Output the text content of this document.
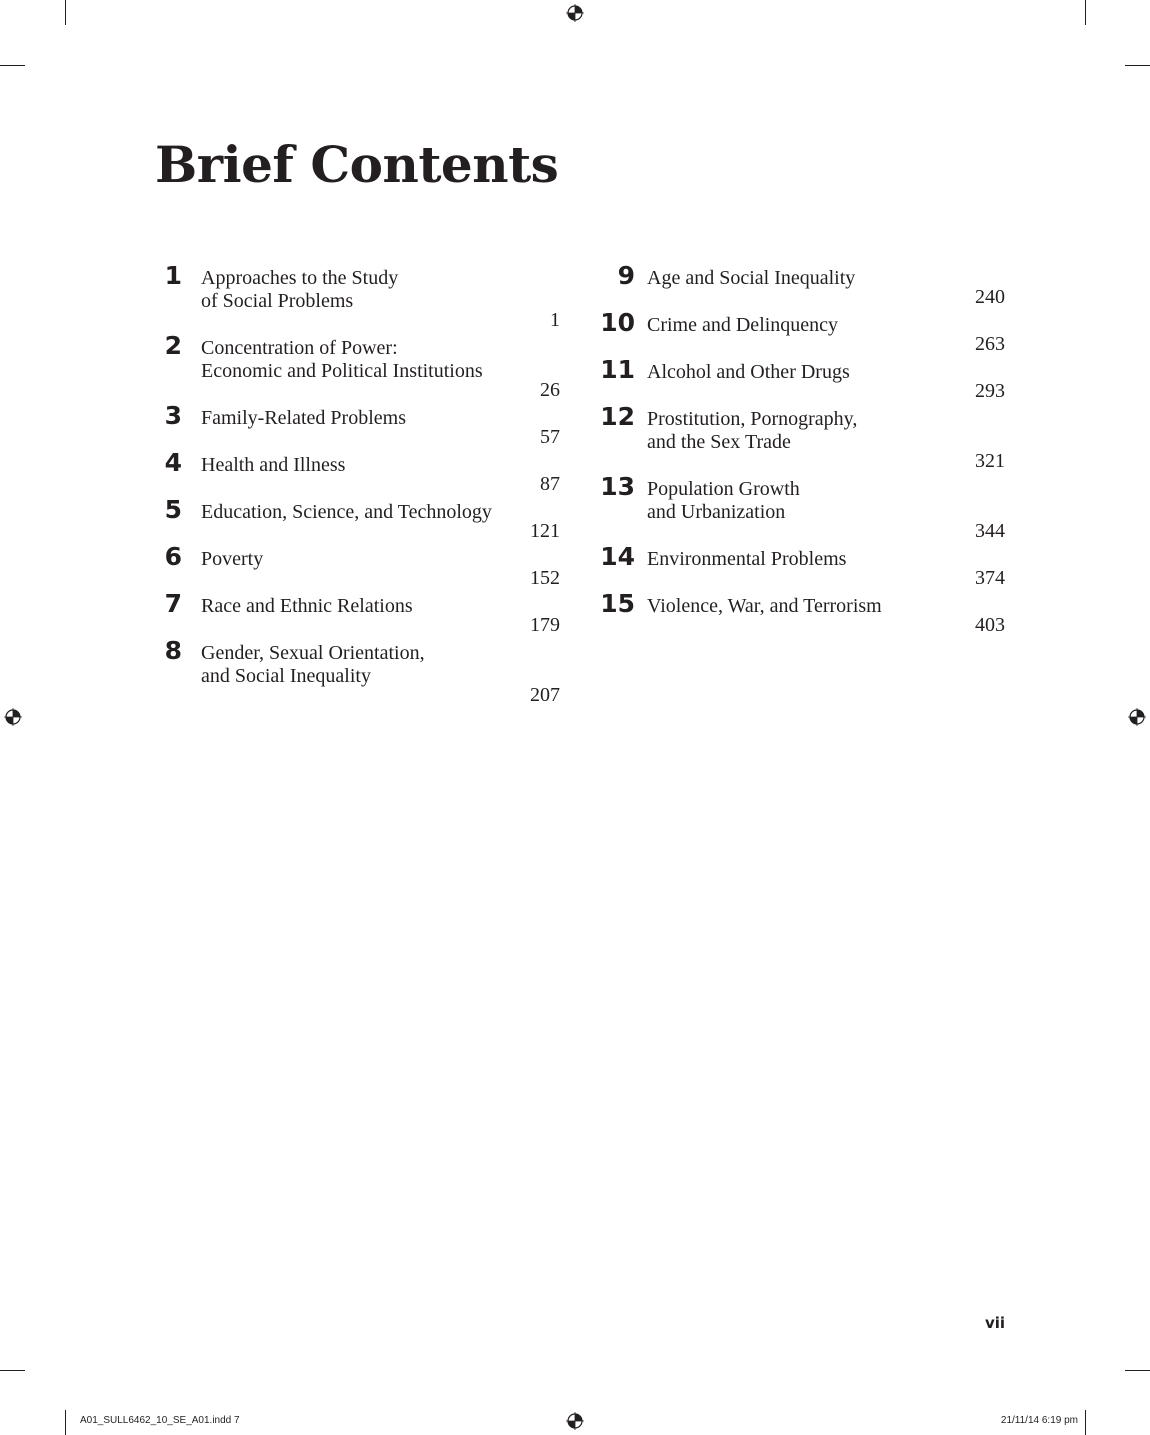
Brief Contents
1 Approaches to the Study
of Social Problems
1
2 Concentration of Power:
Economic and Political Institutions
26
3 Family-Related Problems
57
4 Health and Illness
87
5 Education, Science, and Technology
121
6 Poverty
152
7 Race and Ethnic Relations
179
8 Gender, Sexual Orientation,
and Social Inequality
207
9 Age and Social Inequality
240
10 Crime and Delinquency
263
11 Alcohol and Other Drugs
293
12 Prostitution, Pornography,
and the Sex Trade
321
13 Population Growth
and Urbanization
344
14 Environmental Problems
374
15 Violence, War, and Terrorism
403
vii
A01_SULL6462_10_SE_A01.indd 7	21/11/14 6:19 pm
